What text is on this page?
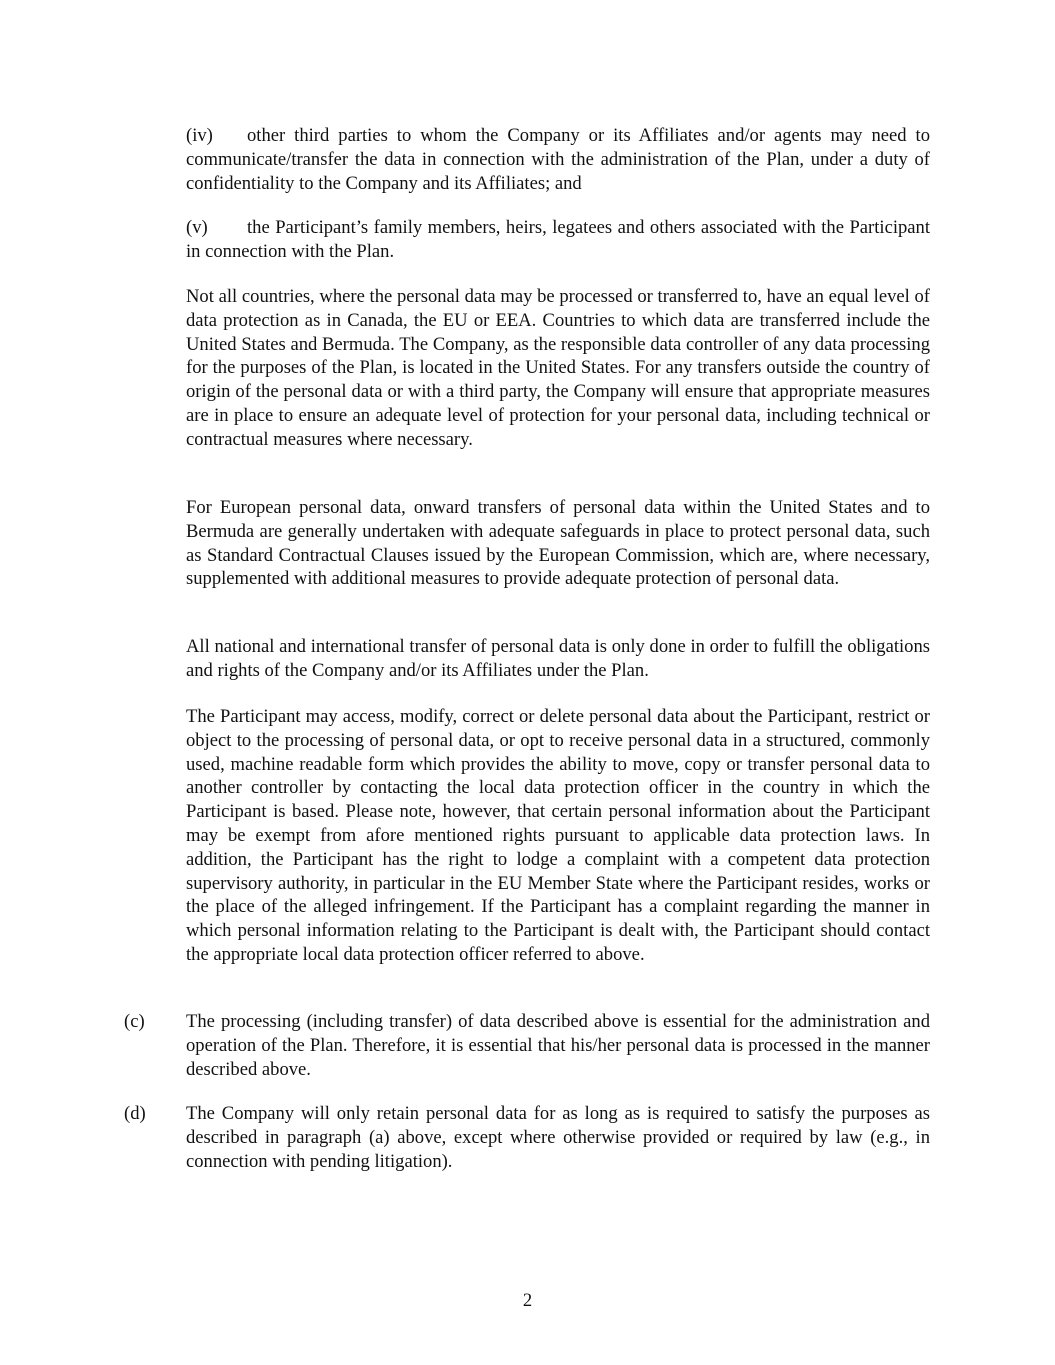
(iv) other third parties to whom the Company or its Affiliates and/or agents may need to communicate/transfer the data in connection with the administration of the Plan, under a duty of confidentiality to the Company and its Affiliates; and

(v) the Participant’s family members, heirs, legatees and others associated with the Participant in connection with the Plan.

Not all countries, where the personal data may be processed or transferred to, have an equal level of data protection as in Canada, the EU or EEA. Countries to which data are transferred include the United States and Bermuda. The Company, as the responsible data controller of any data processing for the purposes of the Plan, is located in the United States. For any transfers outside the country of origin of the personal data or with a third party, the Company will ensure that appropriate measures are in place to ensure an adequate level of protection for your personal data, including technical or contractual measures where necessary.

For European personal data, onward transfers of personal data within the United States and to Bermuda are generally undertaken with adequate safeguards in place to protect personal data, such as Standard Contractual Clauses issued by the European Commission, which are, where necessary, supplemented with additional measures to provide adequate protection of personal data.

All national and international transfer of personal data is only done in order to fulfill the obligations and rights of the Company and/or its Affiliates under the Plan.

The Participant may access, modify, correct or delete personal data about the Participant, restrict or object to the processing of personal data, or opt to receive personal data in a structured, commonly used, machine readable form which provides the ability to move, copy or transfer personal data to another controller by contacting the local data protection officer in the country in which the Participant is based. Please note, however, that certain personal information about the Participant may be exempt from afore mentioned rights pursuant to applicable data protection laws. In addition, the Participant has the right to lodge a complaint with a competent data protection supervisory authority, in particular in the EU Member State where the Participant resides, works or the place of the alleged infringement. If the Participant has a complaint regarding the manner in which personal information relating to the Participant is dealt with, the Participant should contact the appropriate local data protection officer referred to above.

(c)	The processing (including transfer) of data described above is essential for the administration and operation of the Plan. Therefore, it is essential that his/her personal data is processed in the manner described above.
(d)	The Company will only retain personal data for as long as is required to satisfy the purposes as described in paragraph (a) above, except where otherwise provided or required by law (e.g., in connection with pending litigation).
2
